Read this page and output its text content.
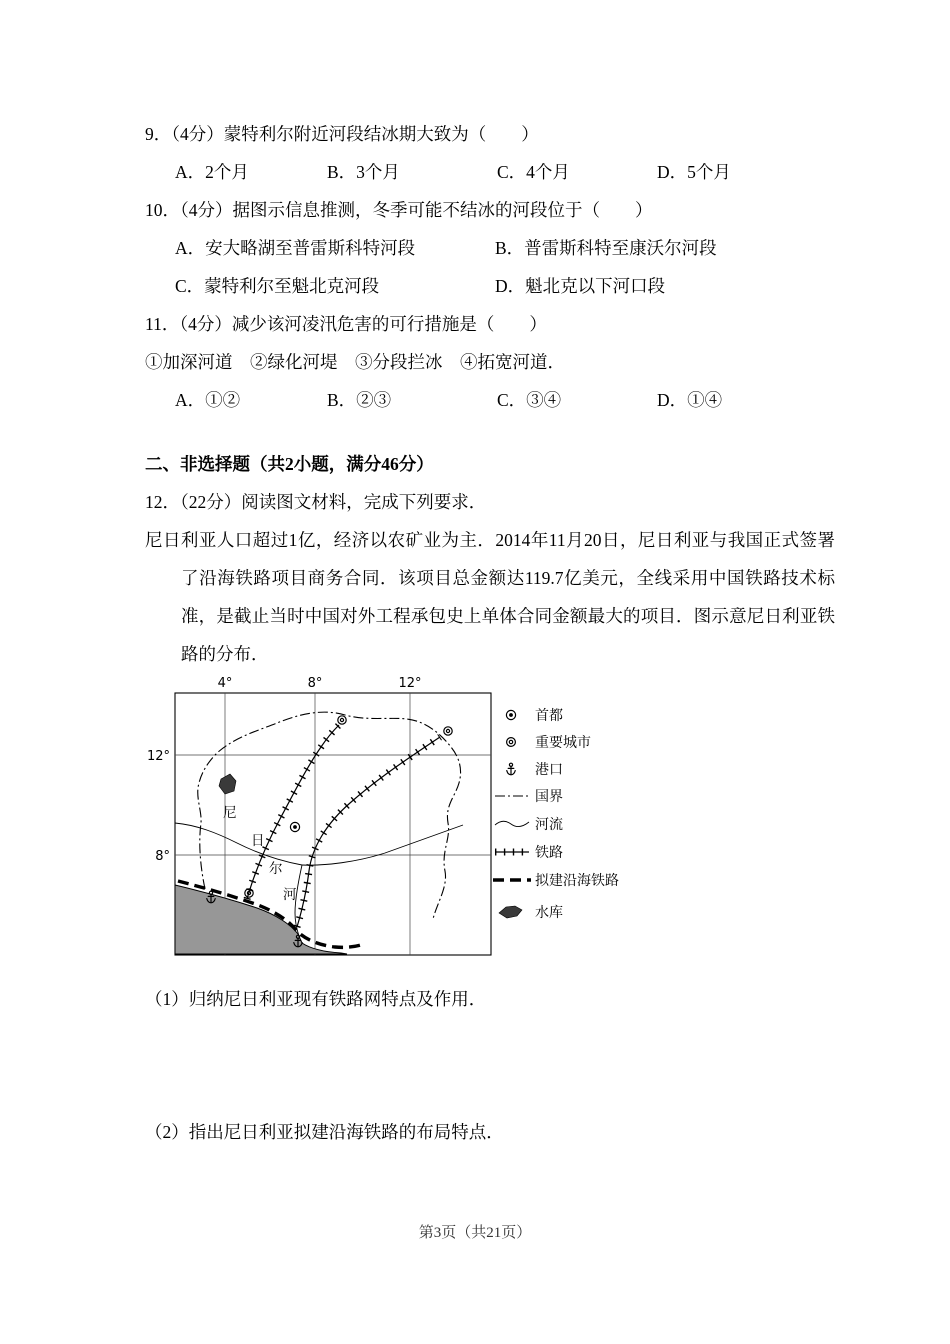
9．（4分）蒙特利尔附近河段结冰期大致为（　　）
A．2个月	B．3个月	C．4个月	D．5个月
10．（4分）据图示信息推测，冬季可能不结冰的河段位于（　　）
A．安大略湖至普雷斯科特河段	B．普雷斯科特至康沃尔河段
C．蒙特利尔至魁北克河段	D．魁北克以下河口段
11．（4分）减少该河凌汛危害的可行措施是（　　）
①加深河道　②绿化河堤　③分段拦冰　④拓宽河道．
A．①②	B．②③	C．③④	D．①④
二、非选择题（共2小题，满分46分）
12．（22分）阅读图文材料，完成下列要求．
尼日利亚人口超过1亿，经济以农矿业为主．2014年11月20日，尼日利亚与我国正式签署了沿海铁路项目商务合同．该项目总金额达119.7亿美元，全线采用中国铁路技术标准，是截止当时中国对外工程承包史上单体合同金额最大的项目．图示意尼日利亚铁路的分布．
4°	8°	12°
12°
8°
尼
日
尔
河
首都
重要城市
港口
国界
河流
铁路
拟建沿海铁路
水库
（1）归纳尼日利亚现有铁路网特点及作用．
（2）指出尼日利亚拟建沿海铁路的布局特点．
第3页（共21页）
